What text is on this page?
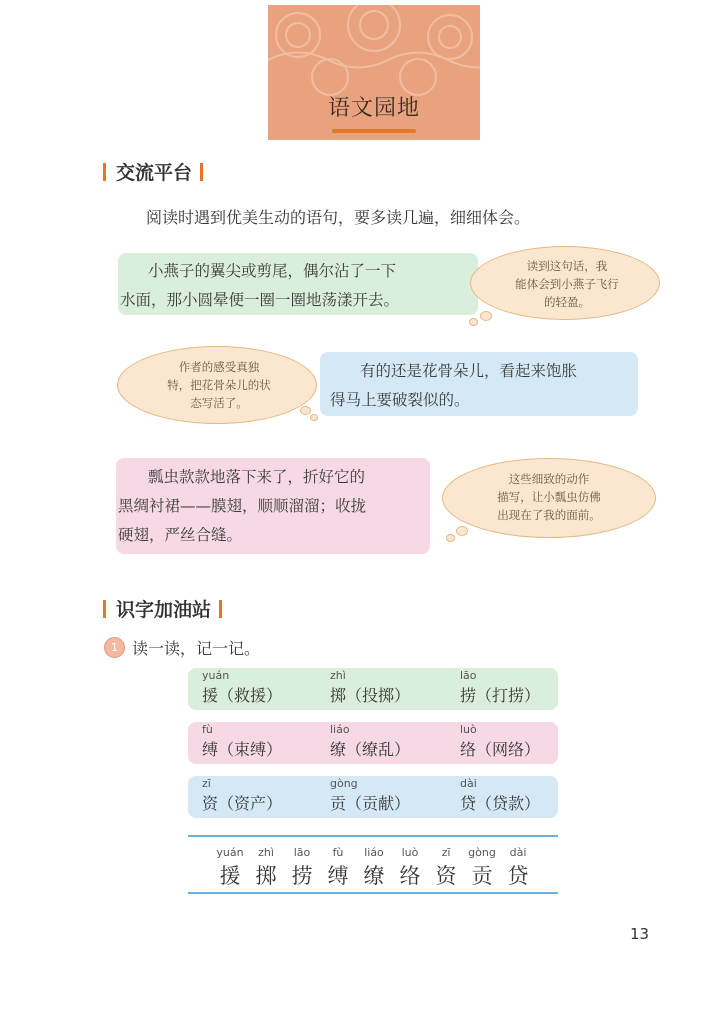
语文园地
交流平台
阅读时遇到优美生动的语句，要多读几遍，细细体会。
小燕子的翼尖或剪尾，偶尔沾了一下
水面，那小圆晕便一圈一圈地荡漾开去。
读到这句话，我
能体会到小燕子飞行
的轻盈。
作者的感受真独
特，把花骨朵儿的状
态写活了。
有的还是花骨朵儿，看起来饱胀
得马上要破裂似的。
瓢虫款款地落下来了，折好它的
黑绸衬裙——膜翅，顺顺溜溜；收拢
硬翅，严丝合缝。
这些细致的动作
描写，让小瓢虫仿佛
出现在了我的面前。
识字加油站
1 读一读，记一记。
yuán
援（救援）
zhì
掷（投掷）
lāo
捞（打捞）
fù
缚（束缚）
liáo
缭（缭乱）
luò
络（网络）
zī
资（资产）
gòng
贡（贡献）
dài
贷（贷款）
yuán
援
zhì
掷
lāo
捞
fù
缚
liáo
缭
luò
络
zī
资
gòng
贡
dài
贷
13
